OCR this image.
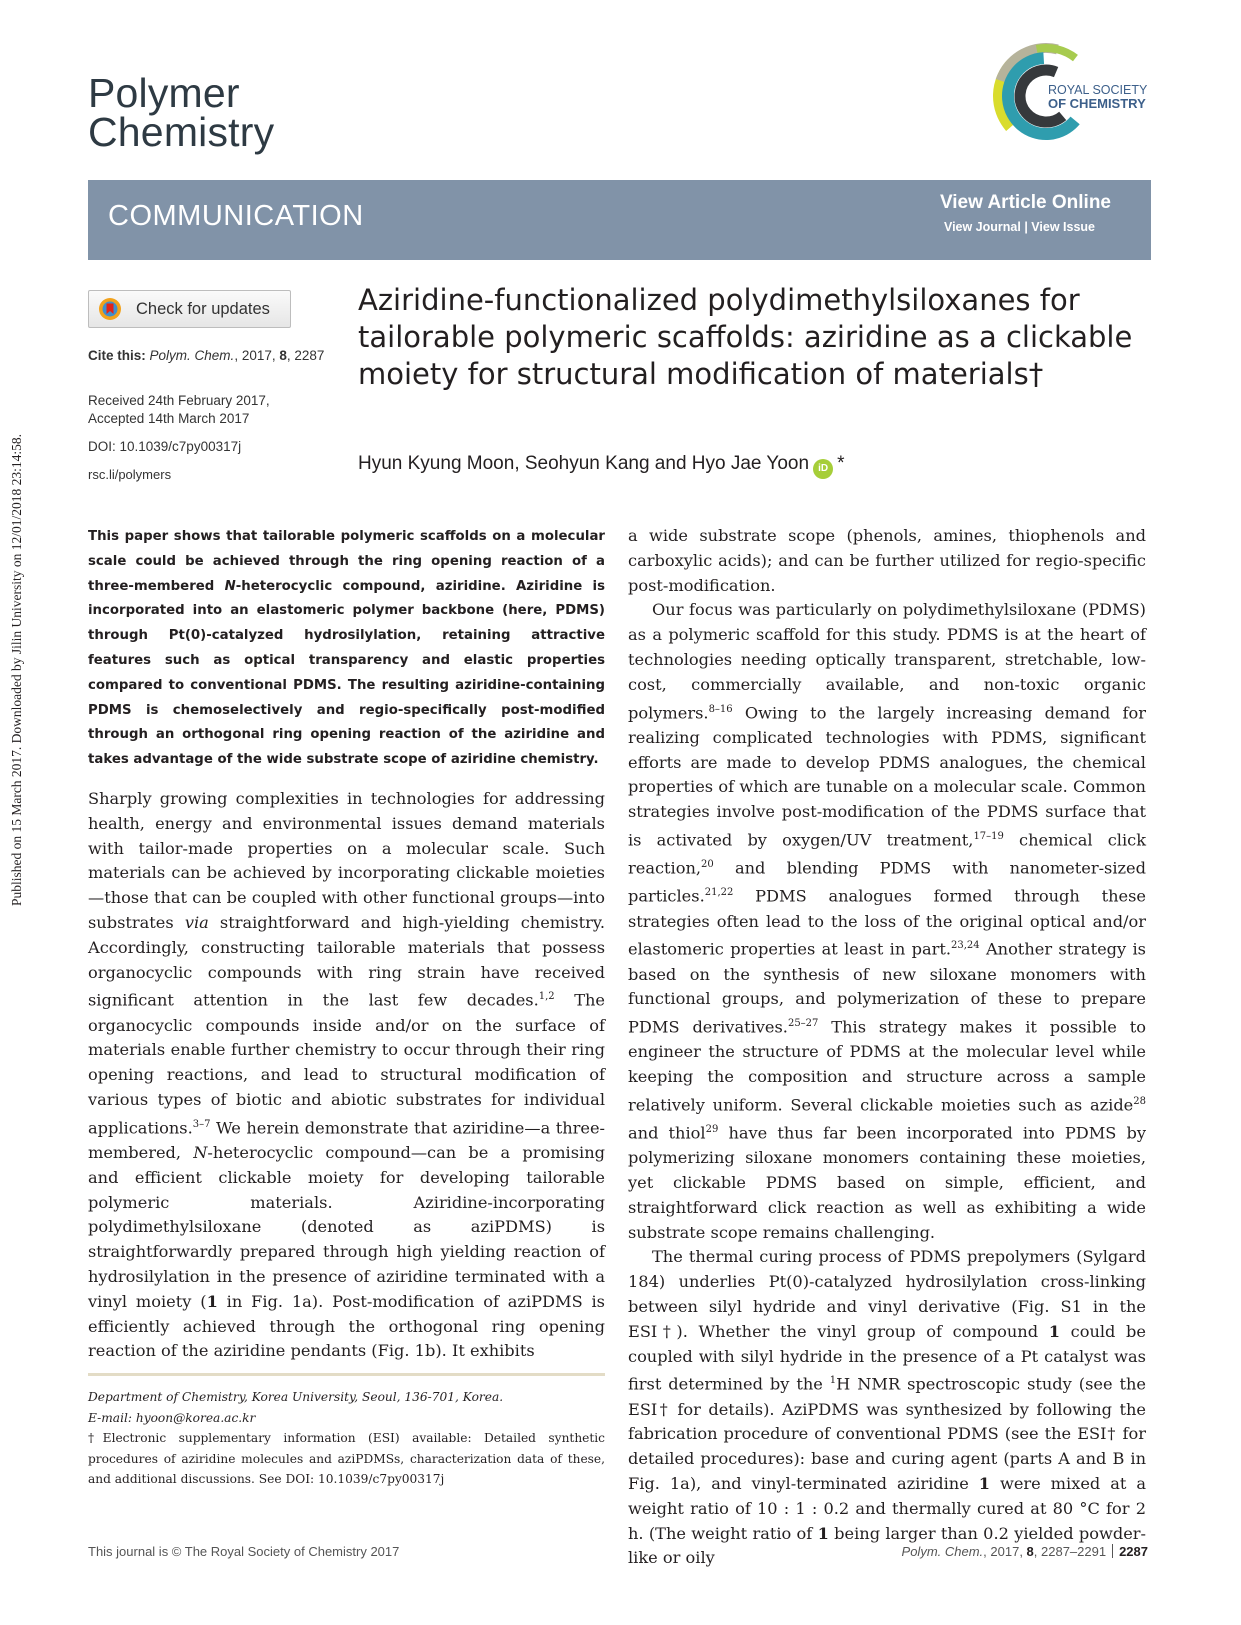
Published on 15 March 2017. Downloaded by Jilin University on 12/01/2018 23:14:58.
Polymer
Chemistry
ROYAL SOCIETY
OF CHEMISTRY
COMMUNICATION	View Article Online
View Journal | View Issue
Check for updates
Cite this: Polym. Chem., 2017, 8, 2287
Received 24th February 2017,
Accepted 14th March 2017
DOI: 10.1039/c7py00317j
rsc.li/polymers
Aziridine-functionalized polydimethylsiloxanes for tailorable polymeric scaffolds: aziridine as a clickable moiety for structural modification of materials†
Hyun Kyung Moon, Seohyun Kang and Hyo Jae Yoon iD *
This paper shows that tailorable polymeric scaffolds on a molecular scale could be achieved through the ring opening reaction of a three-membered N-heterocyclic compound, aziridine. Aziridine is incorporated into an elastomeric polymer backbone (here, PDMS) through Pt(0)-catalyzed hydrosilylation, retaining attractive features such as optical transparency and elastic properties compared to conventional PDMS. The resulting aziridine-containing PDMS is chemoselectively and regio-specifically post-modified through an orthogonal ring opening reaction of the aziridine and takes advantage of the wide substrate scope of aziridine chemistry.

Sharply growing complexities in technologies for addressing health, energy and environmental issues demand materials with tailor-made properties on a molecular scale. Such materials can be achieved by incorporating clickable moieties—those that can be coupled with other functional groups—into substrates via straightforward and high-yielding chemistry. Accordingly, constructing tailorable materials that possess organocyclic compounds with ring strain have received significant attention in the last few decades.$^{1,2}$ The organocyclic compounds inside and/or on the surface of materials enable further chemistry to occur through their ring opening reactions, and lead to structural modification of various types of biotic and abiotic substrates for individual applications.$^{3-7}$ We herein demonstrate that aziridine—a three-membered, N-heterocyclic compound—can be a promising and efficient clickable moiety for developing tailorable polymeric materials. Aziridine-incorporating polydimethylsiloxane (denoted as aziPDMS) is straightforwardly prepared through high yielding reaction of hydrosilylation in the presence of aziridine terminated with a vinyl moiety (1 in Fig. 1a). Post-modification of aziPDMS is efficiently achieved through the orthogonal ring opening reaction of the aziridine pendants (Fig. 1b). It exhibits

a wide substrate scope (phenols, amines, thiophenols and carboxylic acids); and can be further utilized for regio-specific post-modification.

Our focus was particularly on polydimethylsiloxane (PDMS) as a polymeric scaffold for this study. PDMS is at the heart of technologies needing optically transparent, stretchable, low-cost, commercially available, and non-toxic organic polymers.$^{8-16}$ Owing to the largely increasing demand for realizing complicated technologies with PDMS, significant efforts are made to develop PDMS analogues, the chemical properties of which are tunable on a molecular scale. Common strategies involve post-modification of the PDMS surface that is activated by oxygen/UV treatment,$^{17-19}$ chemical click reaction,$^{20}$ and blending PDMS with nanometer-sized particles.$^{21,22}$ PDMS analogues formed through these strategies often lead to the loss of the original optical and/or elastomeric properties at least in part.$^{23,24}$ Another strategy is based on the synthesis of new siloxane monomers with functional groups, and polymerization of these to prepare PDMS derivatives.$^{25-27}$ This strategy makes it possible to engineer the structure of PDMS at the molecular level while keeping the composition and structure across a sample relatively uniform. Several clickable moieties such as azide$^{28}$ and thiol$^{29}$ have thus far been incorporated into PDMS by polymerizing siloxane monomers containing these moieties, yet clickable PDMS based on simple, efficient, and straightforward click reaction as well as exhibiting a wide substrate scope remains challenging.

The thermal curing process of PDMS prepolymers (Sylgard 184) underlies Pt(0)-catalyzed hydrosilylation cross-linking between silyl hydride and vinyl derivative (Fig. S1 in the ESI†). Whether the vinyl group of compound 1 could be coupled with silyl hydride in the presence of a Pt catalyst was first determined by the $^1$H NMR spectroscopic study (see the ESI† for details). AziPDMS was synthesized by following the fabrication procedure of conventional PDMS (see the ESI† for detailed procedures): base and curing agent (parts A and B in Fig. 1a), and vinyl-terminated aziridine 1 were mixed at a weight ratio of 10 : 1 : 0.2 and thermally cured at 80 °C for 2 h. (The weight ratio of 1 being larger than 0.2 yielded powder-like or oily

Department of Chemistry, Korea University, Seoul, 136-701, Korea.

E-mail: hyoon@korea.ac.kr

†Electronic supplementary information (ESI) available: Detailed synthetic procedures of aziridine molecules and aziPDMSs, characterization data of these, and additional discussions. See DOI: 10.1039/c7py00317j

This journal is © The Royal Society of Chemistry 2017	Polym. Chem., 2017, 8, 2287–2291 2287
